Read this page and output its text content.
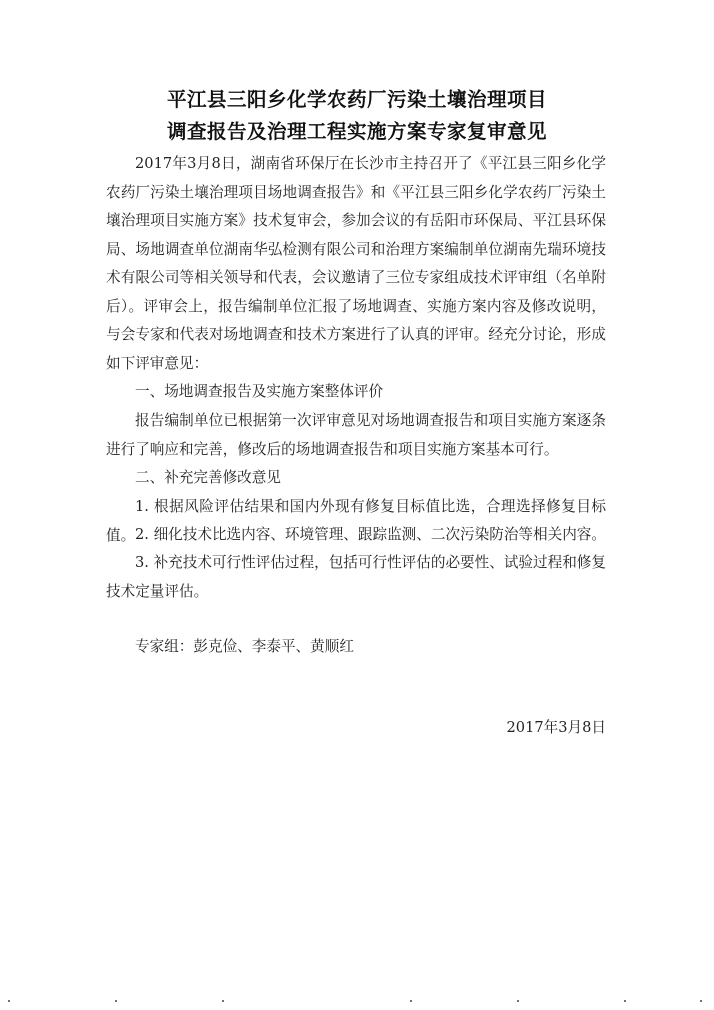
平江县三阳乡化学农药厂污染土壤治理项目
调查报告及治理工程实施方案专家复审意见

2017年3月8日，湖南省环保厅在长沙市主持召开了《平江县三阳乡化学农药厂污染土壤治理项目场地调查报告》和《平江县三阳乡化学农药厂污染土壤治理项目实施方案》技术复审会，参加会议的有岳阳市环保局、平江县环保局、场地调查单位湖南华弘检测有限公司和治理方案编制单位湖南先瑞环境技术有限公司等相关领导和代表，会议邀请了三位专家组成技术评审组（名单附后）。评审会上，报告编制单位汇报了场地调查、实施方案内容及修改说明，与会专家和代表对场地调查和技术方案进行了认真的评审。经充分讨论，形成如下评审意见：

一、场地调查报告及实施方案整体评价

报告编制单位已根据第一次评审意见对场地调查报告和项目实施方案逐条进行了响应和完善，修改后的场地调查报告和项目实施方案基本可行。

二、补充完善修改意见

1. 根据风险评估结果和国内外现有修复目标值比选，合理选择修复目标值。 2. 细化技术比选内容、环境管理、跟踪监测、二次污染防治等相关内容。

3. 补充技术可行性评估过程，包括可行性评估的必要性、试验过程和修复技术定量评估。

专家组：彭克俭、李泰平、黄顺红

2017年3月8日
